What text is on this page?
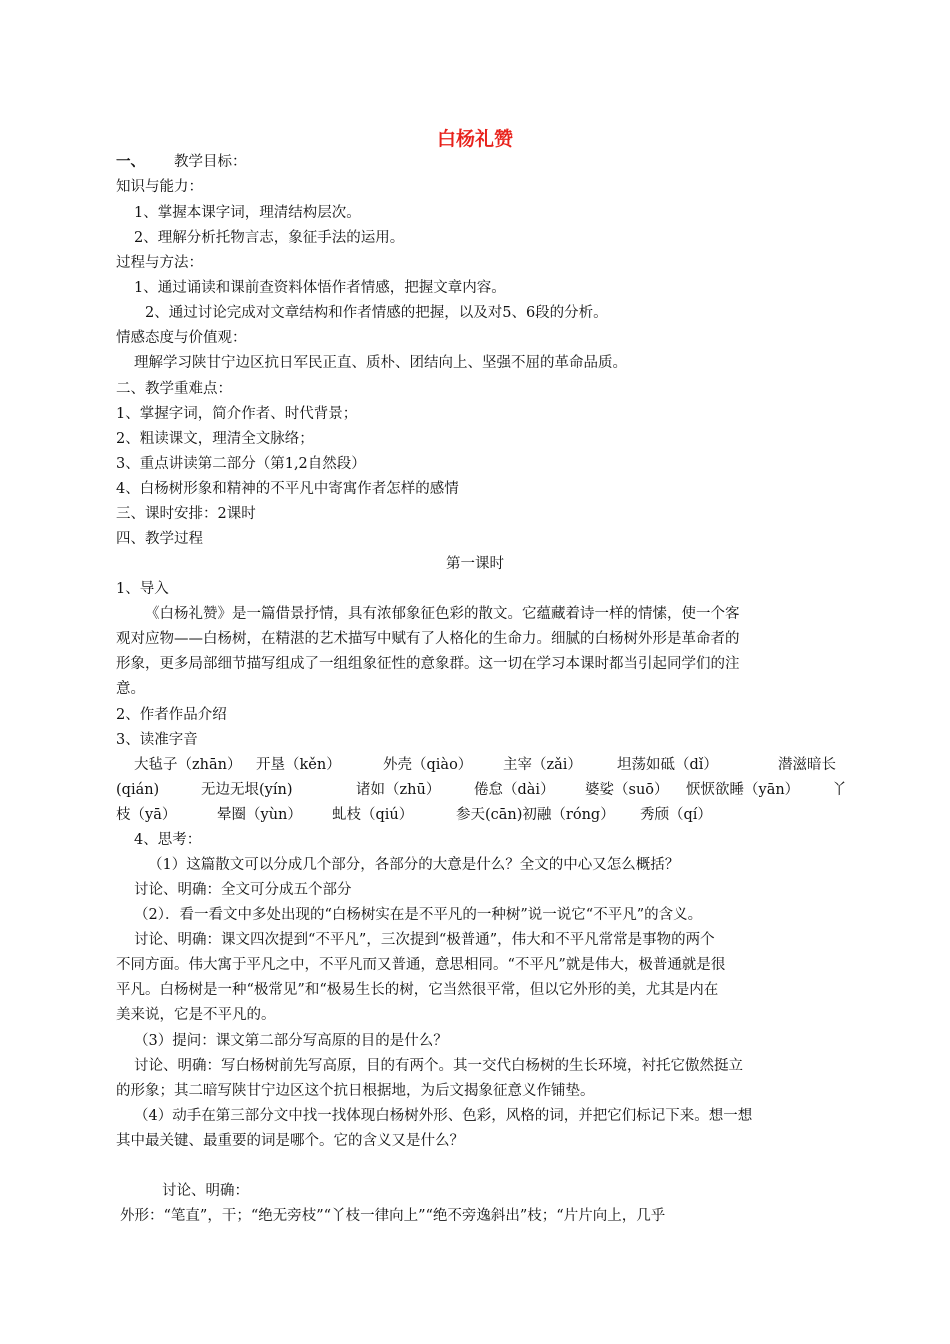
白杨礼赞
一、
第一课时
教学目标：
知识与能力：
1、掌握本课字词，理清结构层次。
2、理解分析托物言志，象征手法的运用。
过程与方法：
1、通过诵读和课前查资料体悟作者情感，把握文章内容。
2、通过讨论完成对文章结构和作者情感的把握，以及对5、6段的分析。
情感态度与价值观：
理解学习陕甘宁边区抗日军民正直、质朴、团结向上、坚强不屈的革命品质。
二、教学重难点：
1、掌握字词，简介作者、时代背景；
2、粗读课文，理清全文脉络；
3、重点讲读第二部分（第1,2自然段）
4、白杨树形象和精神的不平凡中寄寓作者怎样的感情
三、课时安排：2课时
四、教学过程
1、导入
《白杨礼赞》是一篇借景抒情，具有浓郁象征色彩的散文。它蕴藏着诗一样的情愫，使一个客
观对应物——白杨树，在精湛的艺术描写中赋有了人格化的生命力。细腻的白杨树外形是革命者的
形象，更多局部细节描写组成了一组组象征性的意象群。这一切在学习本课时都当引起同学们的注
意。
2、作者作品介绍
3、读准字音
4、思考：
（1）这篇散文可以分成几个部分，各部分的大意是什么？全文的中心又怎么概括？
讨论、明确：全文可分成五个部分
（2）．看一看文中多处出现的“白杨树实在是不平凡的一种树”说一说它“不平凡”的含义。
讨论、明确：课文四次提到“不平凡”，三次提到“极普通”，伟大和不平凡常常是事物的两个
不同方面。伟大寓于平凡之中，不平凡而又普通，意思相同。“不平凡”就是伟大，极普通就是很
平凡。白杨树是一种“极常见”和“极易生长的树，它当然很平常，但以它外形的美，尤其是内在
美来说，它是不平凡的。
（3）提问：课文第二部分写高原的目的是什么？
讨论、明确：写白杨树前先写高原，目的有两个。其一交代白杨树的生长环境，衬托它傲然挺立
的形象；其二暗写陕甘宁边区这个抗日根据地，为后文揭象征意义作铺垫。
（4）动手在第三部分文中找一找体现白杨树外形、色彩，风格的词，并把它们标记下来。想一想
其中最关键、最重要的词是哪个。它的含义又是什么？
讨论、明确：
外形：“笔直”，干；“绝无旁枝”“丫枝一律向上”“绝不旁逸斜出”枝；“片片向上，几乎
大毡子（zhān） 开垦（kěn）	外壳（qiào） 主宰（zǎi） 坦荡如砥（dǐ）	潜滋暗长
(qián)	无边无垠(yín)	诸如（zhū） 倦怠（dài） 婆娑（suō） 恹恹欲睡（yān） 丫
枝（yā）	晕圈（yùn） 虬枝（qiú）	参天(cān)初融（róng） 秀颀（qí）
